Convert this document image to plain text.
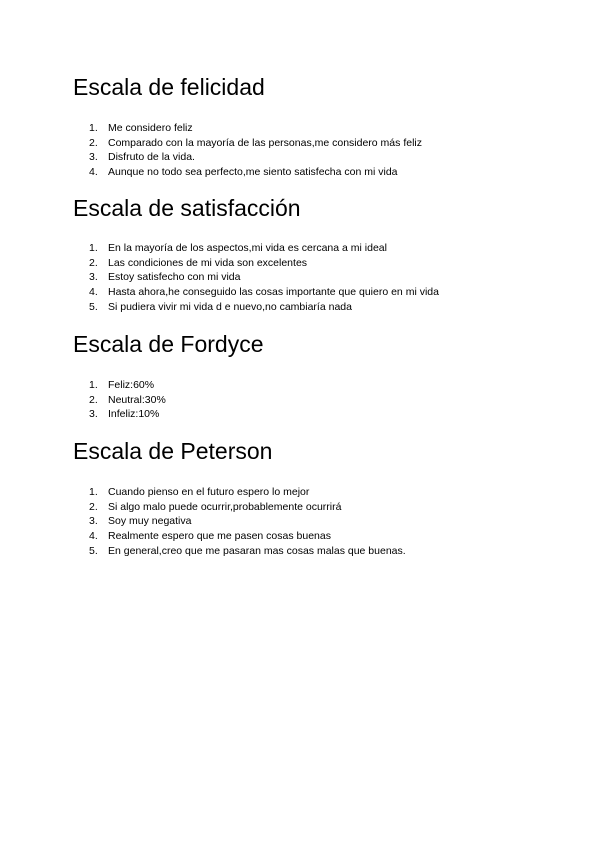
Escala de felicidad
1. Me considero feliz
2. Comparado con la mayoría de las personas,me considero más feliz
3. Disfruto de la vida.
4. Aunque no todo sea perfecto,me siento satisfecha con mi vida
Escala de satisfacción
1. En la mayoría de los aspectos,mi vida es cercana a mi ideal
2. Las condiciones de mi vida son excelentes
3. Estoy satisfecho con mi vida
4. Hasta ahora,he conseguido las cosas importante que quiero en mi vida
5. Si pudiera vivir mi vida d e nuevo,no cambiaría nada
Escala de Fordyce
1. Feliz:60%
2. Neutral:30%
3. Infeliz:10%
Escala de Peterson
1. Cuando pienso en el futuro espero lo mejor
2. Si algo malo puede ocurrir,probablemente ocurrirá
3. Soy muy negativa
4. Realmente espero que me pasen cosas buenas
5. En general,creo que me pasaran mas cosas malas que buenas.
